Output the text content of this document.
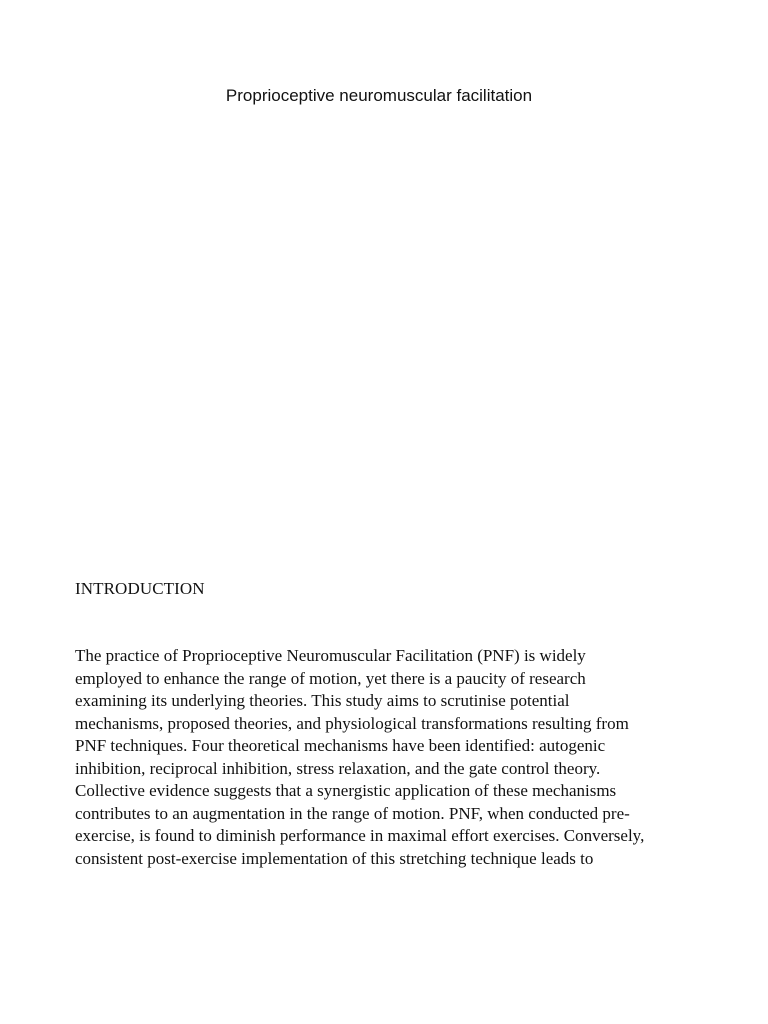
Proprioceptive neuromuscular facilitation
INTRODUCTION

The practice of Proprioceptive Neuromuscular Facilitation (PNF) is widely
employed to enhance the range of motion, yet there is a paucity of research
examining its underlying theories. This study aims to scrutinise potential
mechanisms, proposed theories, and physiological transformations resulting from
PNF techniques. Four theoretical mechanisms have been identified: autogenic
inhibition, reciprocal inhibition, stress relaxation, and the gate control theory.
Collective evidence suggests that a synergistic application of these mechanisms
contributes to an augmentation in the range of motion. PNF, when conducted pre-
exercise, is found to diminish performance in maximal effort exercises. Conversely,
consistent post-exercise implementation of this stretching technique leads to
